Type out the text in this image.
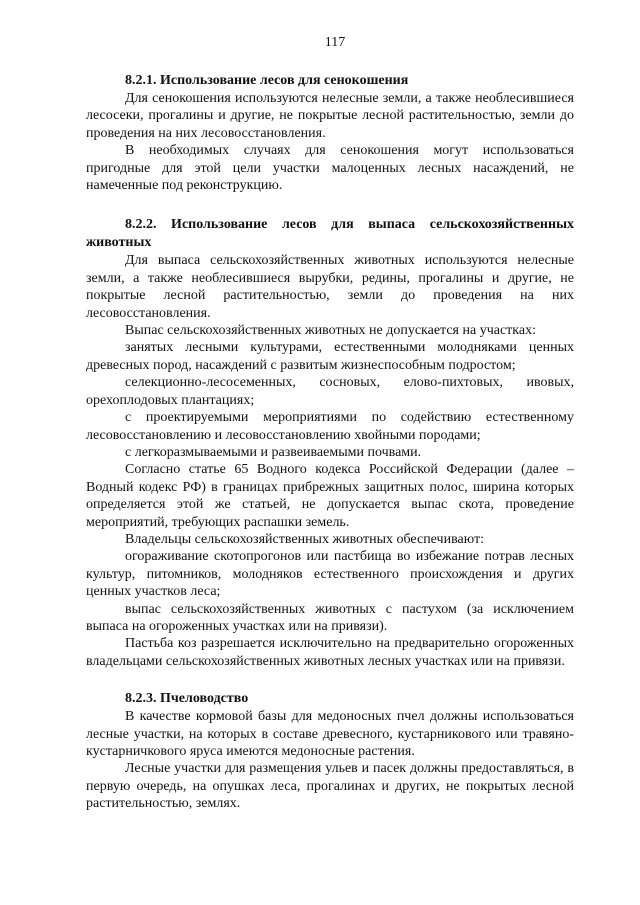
117

8.2.1. Использование лесов для сенокошения

Для сенокошения используются нелесные земли, а также необлесившиеся лесосеки, прогалины и другие, не покрытые лесной растительностью, земли до проведения на них лесовосстановления.

В необходимых случаях для сенокошения могут использоваться пригодные для этой цели участки малоценных лесных насаждений, не намеченные под реконструкцию.

8.2.2. Использование лесов для выпаса сельскохозяйственных животных

Для выпаса сельскохозяйственных животных используются нелесные земли, а также необлесившиеся вырубки, редины, прогалины и другие, не покрытые лесной растительностью, земли до проведения на них лесовосстановления.

Выпас сельскохозяйственных животных не допускается на участках:

занятых лесными культурами, естественными молодняками ценных древесных пород, насаждений с развитым жизнеспособным подростом;

селекционно-лесосеменных, сосновых, елово-пихтовых, ивовых, орехоплодовых плантациях;

с проектируемыми мероприятиями по содействию естественному лесовосстановлению и лесовосстановлению хвойными породами;

с легкоразмываемыми и развеиваемыми почвами.

Согласно статье 65 Водного кодекса Российской Федерации (далее – Водный кодекс РФ) в границах прибрежных защитных полос, ширина которых определяется этой же статьей, не допускается выпас скота, проведение мероприятий, требующих распашки земель.

Владельцы сельскохозяйственных животных обеспечивают:

огораживание скотопрогонов или пастбища во избежание потрав лесных культур, питомников, молодняков естественного происхождения и других ценных участков леса;

выпас сельскохозяйственных животных с пастухом (за исключением выпаса на огороженных участках или на привязи).

Пастьба коз разрешается исключительно на предварительно огороженных владельцами сельскохозяйственных животных лесных участках или на привязи.

8.2.3. Пчеловодство

В качестве кормовой базы для медоносных пчел должны использоваться лесные участки, на которых в составе древесного, кустарникового или травяно-кустарничкового яруса имеются медоносные растения.

Лесные участки для размещения ульев и пасек должны предоставляться, в первую очередь, на опушках леса, прогалинах и других, не покрытых лесной растительностью, землях.
